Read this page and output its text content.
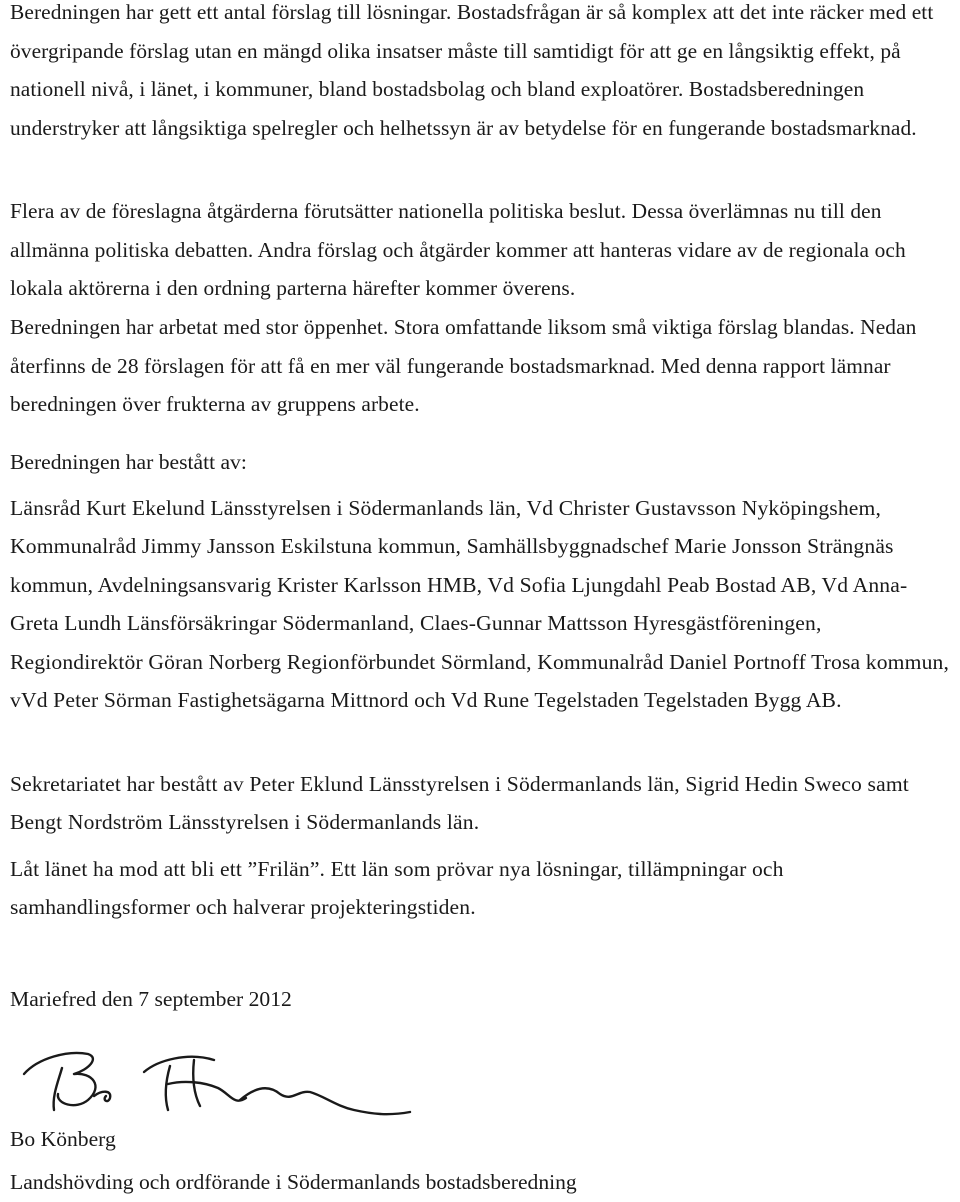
Beredningen har gett ett antal förslag till lösningar. Bostadsfrågan är så komplex att det inte räcker med ett övergripande förslag utan en mängd olika insatser måste till samtidigt för att ge en långsiktig effekt, på nationell nivå, i länet, i kommuner, bland bostadsbolag och bland exploatörer. Bostadsberedningen understryker att långsiktiga spelregler och helhetssyn är av betydelse för en fungerande bostadsmarknad.

Flera av de föreslagna åtgärderna förutsätter nationella politiska beslut. Dessa överlämnas nu till den allmänna politiska debatten. Andra förslag och åtgärder kommer att hanteras vidare av de regionala och lokala aktörerna i den ordning parterna härefter kommer överens.

Beredningen har arbetat med stor öppenhet. Stora omfattande liksom små viktiga förslag blandas. Nedan återfinns de 28 förslagen för att få en mer väl fungerande bostadsmarknad. Med denna rapport lämnar beredningen över frukterna av gruppens arbete.

Beredningen har bestått av:

Länsråd Kurt Ekelund Länsstyrelsen i Södermanlands län, Vd Christer Gustavsson Nyköpingshem, Kommunalråd Jimmy Jansson Eskilstuna kommun, Samhällsbyggnadschef Marie Jonsson Strängnäs kommun, Avdelningsansvarig Krister Karlsson HMB, Vd Sofia Ljungdahl Peab Bostad AB, Vd Anna-Greta Lundh Länsförsäkringar Södermanland, Claes-Gunnar Mattsson Hyresgästföreningen, Regiondirektör Göran Norberg Regionförbundet Sörmland, Kommunalråd Daniel Portnoff Trosa kommun, vVd Peter Sörman Fastighetsägarna Mittnord och Vd Rune Tegelstaden Tegelstaden Bygg AB.

Sekretariatet har bestått av Peter Eklund Länsstyrelsen i Södermanlands län, Sigrid Hedin Sweco samt Bengt Nordström Länsstyrelsen i Södermanlands län.

Låt länet ha mod att bli ett ”Frilän”. Ett län som prövar nya lösningar, tillämpningar och samhandlingsformer och halverar projekteringstiden.

Mariefred den 7 september 2012

Bo Könberg

Landshövding och ordförande i Södermanlands bostadsberedning
